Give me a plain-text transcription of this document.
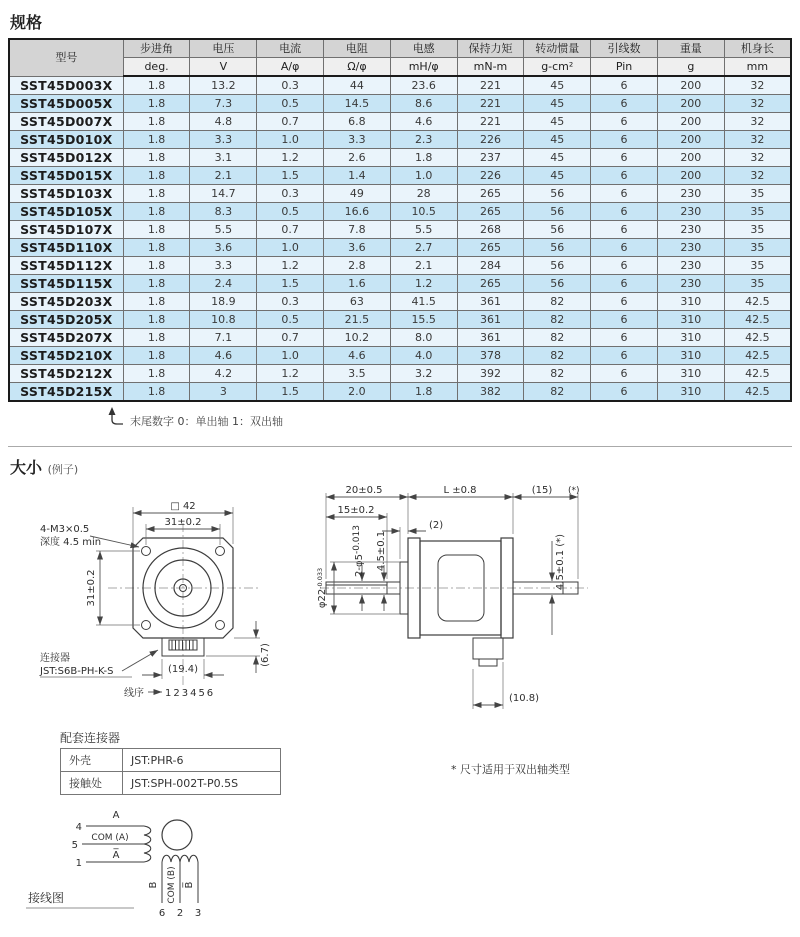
规格
型号	步进角	电压	电流	电阻	电感	保持力矩	转动惯量	引线数	重量	机身长
	deg.	V	A/φ	Ω/φ	mH/φ	mN-m	g-cm²	Pin	g	mm
SST45D003X	1.8	13.2	0.3	44	23.6	221	45	6	200	32
SST45D005X	1.8	7.3	0.5	14.5	8.6	221	45	6	200	32
SST45D007X	1.8	4.8	0.7	6.8	4.6	221	45	6	200	32
SST45D010X	1.8	3.3	1.0	3.3	2.3	226	45	6	200	32
SST45D012X	1.8	3.1	1.2	2.6	1.8	237	45	6	200	32
SST45D015X	1.8	2.1	1.5	1.4	1.0	226	45	6	200	32
SST45D103X	1.8	14.7	0.3	49	28	265	56	6	230	35
SST45D105X	1.8	8.3	0.5	16.6	10.5	265	56	6	230	35
SST45D107X	1.8	5.5	0.7	7.8	5.5	268	56	6	230	35
SST45D110X	1.8	3.6	1.0	3.6	2.7	265	56	6	230	35
SST45D112X	1.8	3.3	1.2	2.8	2.1	284	56	6	230	35
SST45D115X	1.8	2.4	1.5	1.6	1.2	265	56	6	230	35
SST45D203X	1.8	18.9	0.3	63	41.5	361	82	6	310	42.5
SST45D205X	1.8	10.8	0.5	21.5	15.5	361	82	6	310	42.5
SST45D207X	1.8	7.1	0.7	10.2	8.0	361	82	6	310	42.5
SST45D210X	1.8	4.6	1.0	4.6	4.0	378	82	6	310	42.5
SST45D212X	1.8	4.2	1.2	3.5	3.2	392	82	6	310	42.5
SST45D215X	1.8	3	1.5	2.0	1.8	382	82	6	310	42.5
末尾数字 0：单出轴 1：双出轴
大小 (例子)
□ 42
31±0.2
31±0.2
4-M3×0.5
深度 4.5 min
连接器
JST:S6B-PH-K-S	(19.4)
线序 123456
(6.7)
20±0.5
15±0.2
L ±0.8	(15) (*)
(2)
2-φ5-0.013	4.5±0.1
$\varphi 22^{-0.033}$	4.5±0.1 (*)
(10.8)
配套连接器
外壳	JST:PHR-6
接触处	JST:SPH-002T-P0.5S
* 尺寸适用于双出轴类型
4
5
1
A
COM (A)
A̅
B COM (B) B̅
6 2 3
接线图
